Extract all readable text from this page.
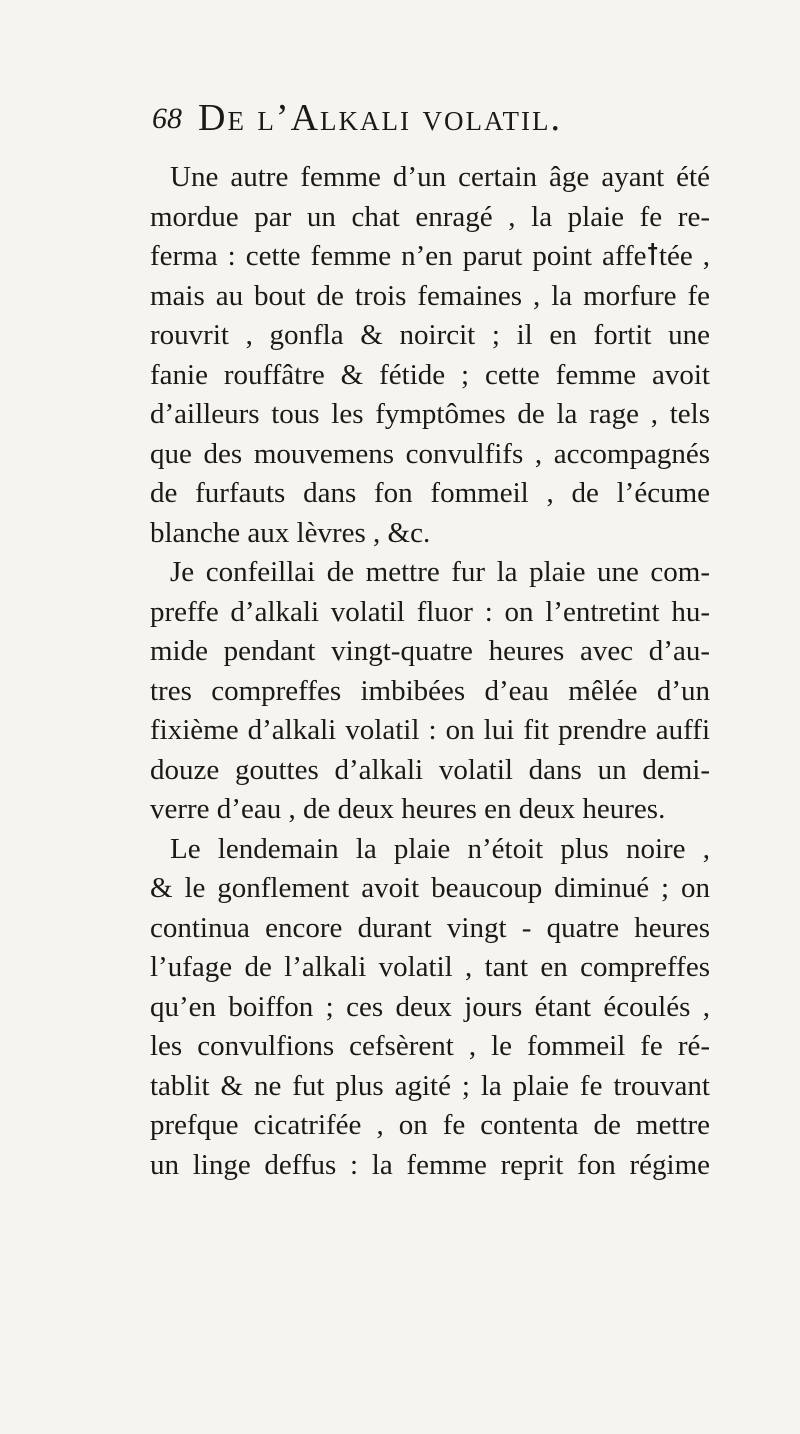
68 De l’Alkali volatil.

Une autre femme d’un certain âge ayant été
mordue par un chat enragé , la plaie fe re-
ferma : cette femme n’en parut point affeꝉtée ,
mais au bout de trois femaines , la morfure fe
rouvrit , gonfla & noircit ; il en fortit une
fanie rouffâtre & fétide ; cette femme avoit
d’ailleurs tous les fymptômes de la rage , tels
que des mouvemens convulfifs , accompagnés
de furfauts dans fon fommeil , de l’écume
blanche aux lèvres , &c.

Je confeillai de mettre fur la plaie une com-
preffe d’alkali volatil fluor : on l’entretint hu-
mide pendant vingt-quatre heures avec d’au-
tres compreffes imbibées d’eau mêlée d’un
fixième d’alkali volatil : on lui fit prendre auffi
douze gouttes d’alkali volatil dans un demi-
verre d’eau , de deux heures en deux heures.

Le lendemain la plaie n’étoit plus noire ,
& le gonflement avoit beaucoup diminué ; on
continua encore durant vingt - quatre heures
l’ufage de l’alkali volatil , tant en compreffes
qu’en boiffon ; ces deux jours étant écoulés ,
les convulfions cefsèrent , le fommeil fe ré-
tablit & ne fut plus agité ; la plaie fe trouvant
prefque cicatrifée , on fe contenta de mettre
un linge deffus : la femme reprit fon régime
